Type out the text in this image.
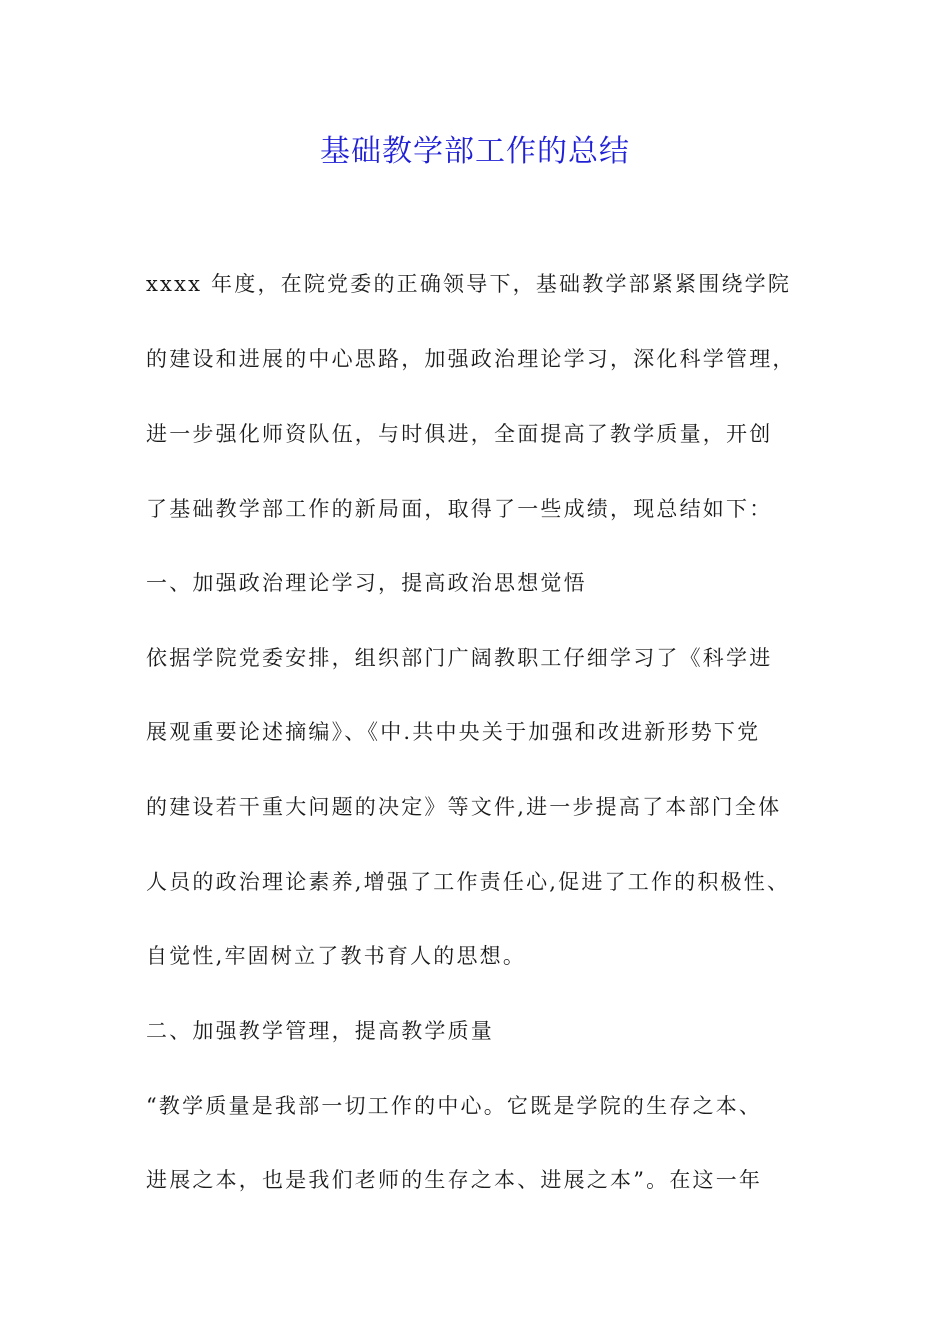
基础教学部工作的总结

xxxx 年度，在院党委的正确领导下，基础教学部紧紧围绕学院

的建设和进展的中心思路，加强政治理论学习，深化科学管理，

进一步强化师资队伍，与时俱进，全面提高了教学质量，开创

了基础教学部工作的新局面，取得了一些成绩，现总结如下：

一、加强政治理论学习，提高政治思想觉悟

依据学院党委安排，组织部门广阔教职工仔细学习了《科学进

展观重要论述摘编》、《中.共中央关于加强和改进新形势下党

的建设若干重大问题的决定》等文件,进一步提高了本部门全体

人员的政治理论素养,增强了工作责任心,促进了工作的积极性、

自觉性,牢固树立了教书育人的思想。

二、加强教学管理，提高教学质量

“教学质量是我部一切工作的中心。它既是学院的生存之本、

进展之本，也是我们老师的生存之本、进展之本”。在这一年
